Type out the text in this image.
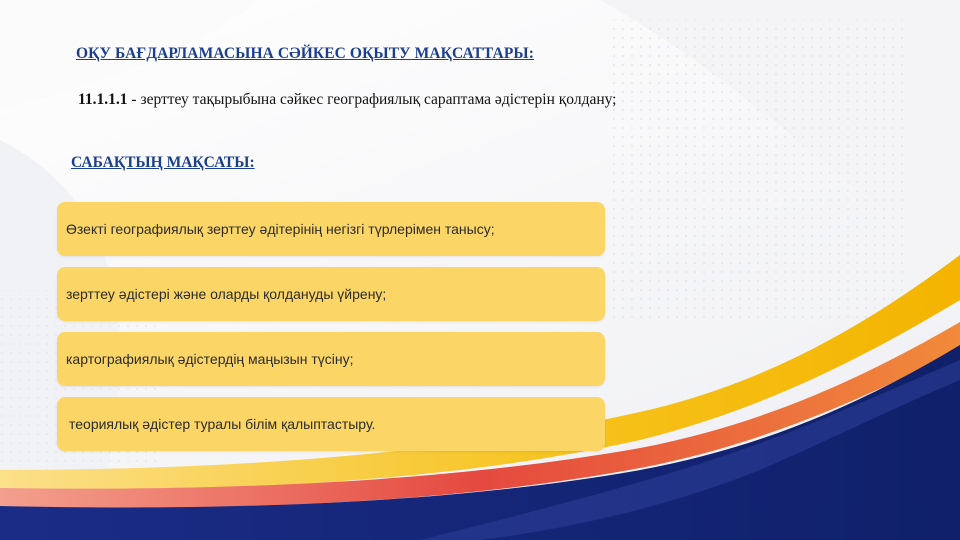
ОҚУ БАҒДАРЛАМАСЫНА СӘЙКЕС ОҚЫТУ МАҚСАТТАРЫ:
11.1.1.1 - зерттеу тақырыбына сәйкес географиялық сараптама әдістерін қолдану;
САБАҚТЫҢ МАҚСАТЫ:
Өзекті географиялық зерттеу әдітерінің негізгі түрлерімен танысу;
зерттеу әдістері және оларды қолдануды үйрену;
картографиялық әдістердің маңызын түсіну;
теориялық әдістер туралы білім қалыптастыру.
